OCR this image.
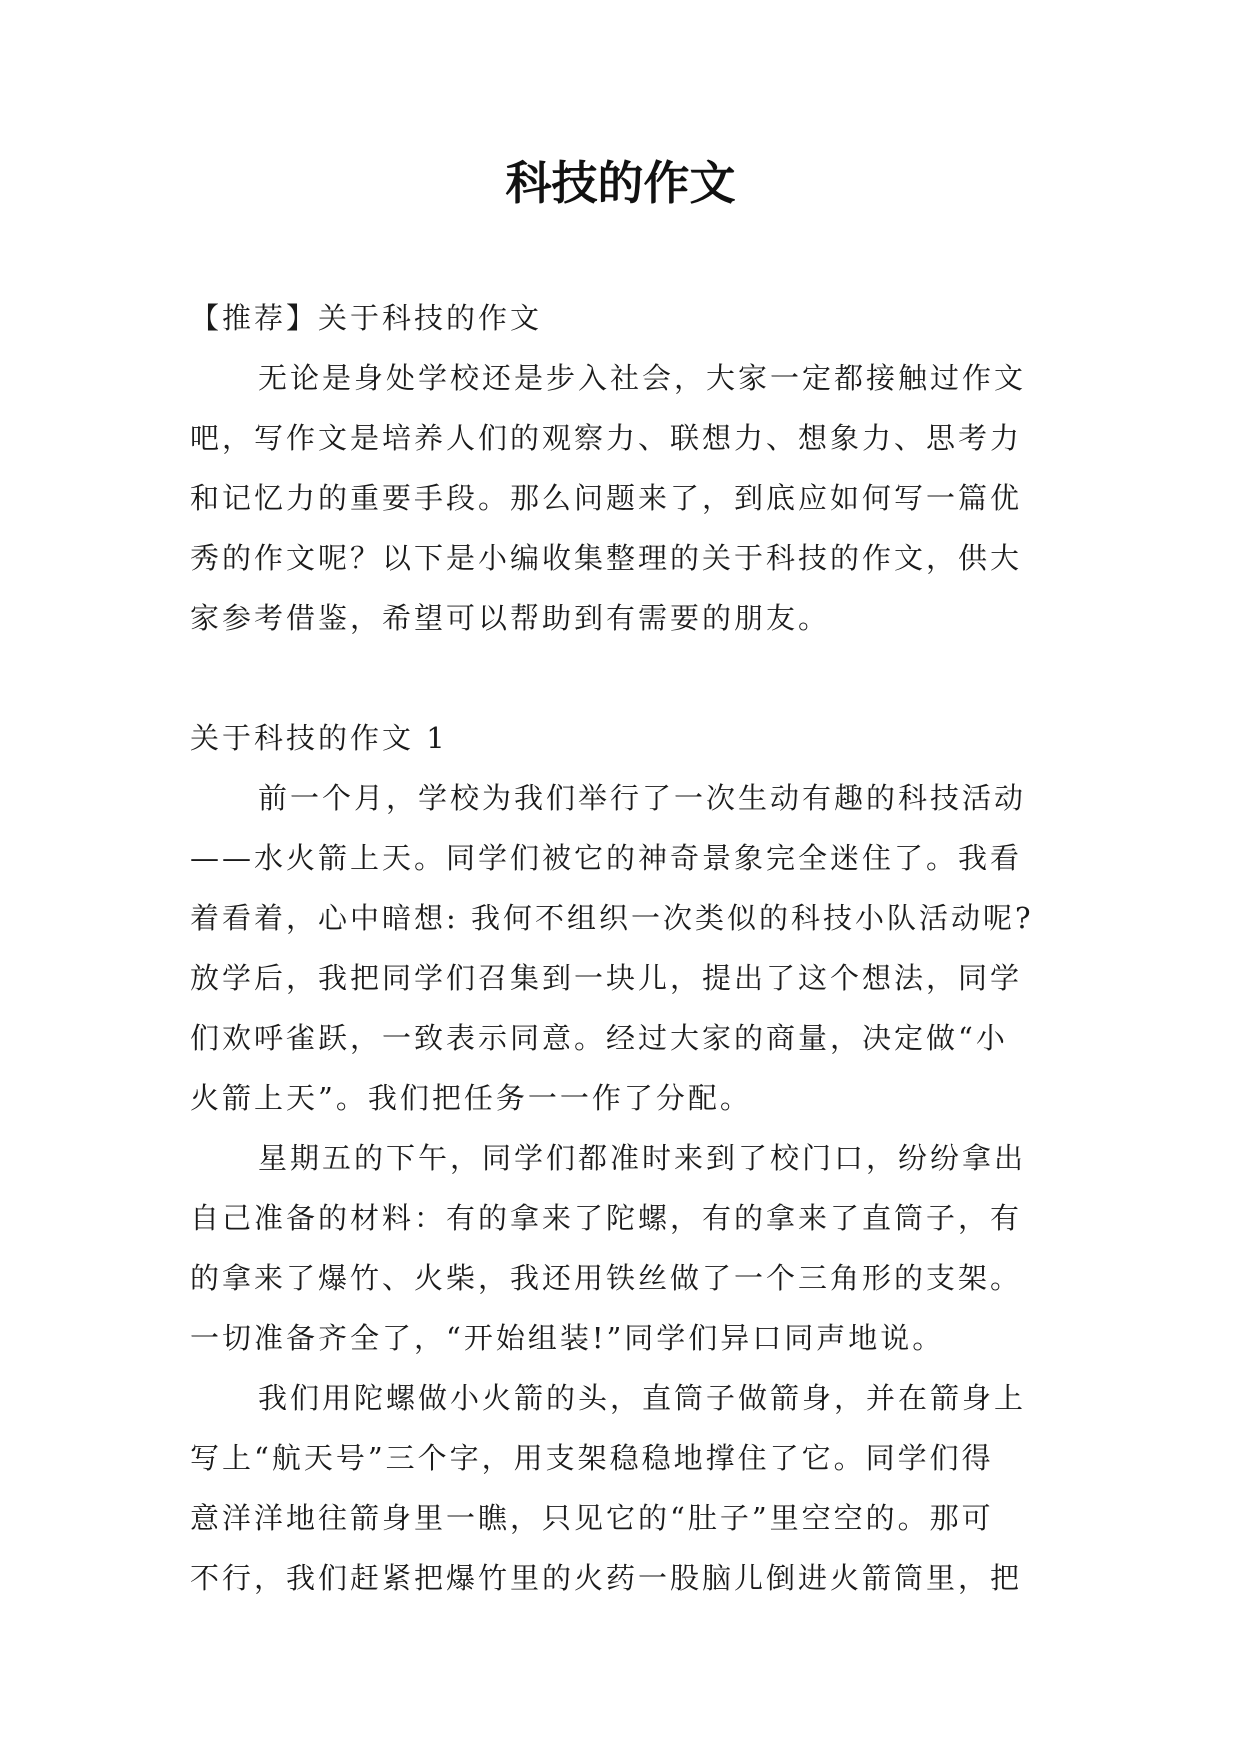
科技的作文
【推荐】关于科技的作文
无论是身处学校还是步入社会，大家一定都接触过作文
吧，写作文是培养人们的观察力、联想力、想象力、思考力
和记忆力的重要手段。那么问题来了，到底应如何写一篇优
秀的作文呢？以下是小编收集整理的关于科技的作文，供大
家参考借鉴，希望可以帮助到有需要的朋友。
关于科技的作文 1
前一个月，学校为我们举行了一次生动有趣的科技活动
——水火箭上天。同学们被它的神奇景象完全迷住了。我看
着看着，心中暗想: 我何不组织一次类似的科技小队活动呢?
放学后，我把同学们召集到一块儿，提出了这个想法，同学
们欢呼雀跃，一致表示同意。经过大家的商量，决定做“小
火箭上天”。我们把任务一一作了分配。
星期五的下午，同学们都准时来到了校门口，纷纷拿出
自己准备的材料：有的拿来了陀螺，有的拿来了直筒子，有
的拿来了爆竹、火柴，我还用铁丝做了一个三角形的支架。
一切准备齐全了，“开始组装!”同学们异口同声地说。
我们用陀螺做小火箭的头，直筒子做箭身，并在箭身上
写上“航天号”三个字，用支架稳稳地撑住了它。同学们得
意洋洋地往箭身里一瞧，只见它的“肚子”里空空的。那可
不行，我们赶紧把爆竹里的火药一股脑儿倒进火箭筒里，把
